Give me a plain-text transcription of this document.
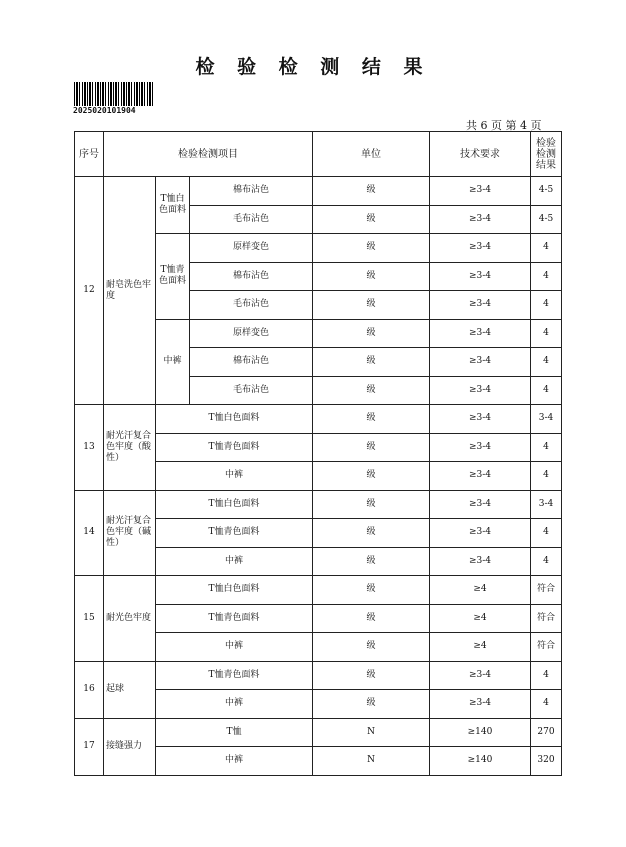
检 验 检 测 结 果
2025020101904
共 6 页 第 4 页
序号	检验检测项目			单位	技术要求	检验检测结果	
12	耐皂洗色牢度	T恤白色面料	棉布沾色	级	≥3-4	4-5	
			毛布沾色	级	≥3-4	4-5	
		T恤青色面料	原样变色	级	≥3-4	4	
			棉布沾色	级	≥3-4	4	
			毛布沾色	级	≥3-4	4	
		中裤	原样变色	级	≥3-4	4	
			棉布沾色	级	≥3-4	4	
			毛布沾色	级	≥3-4	4	
13	耐光汗复合色牢度（酸性）	T恤白色面料		级	≥3-4	3-4	
		T恤青色面料		级	≥3-4	4	
		中裤		级	≥3-4	4	
14	耐光汗复合色牢度（碱性）	T恤白色面料		级	≥3-4	3-4	
		T恤青色面料		级	≥3-4	4	
		中裤		级	≥3-4	4	
15	耐光色牢度	T恤白色面料		级	≥4	符合	
		T恤青色面料		级	≥4	符合	
		中裤		级	≥4	符合	
16	起球	T恤青色面料		级	≥3-4	4	
		中裤		级	≥3-4	4	
17	接缝强力	T恤		N	≥140	270	
		中裤		N	≥140	320	
